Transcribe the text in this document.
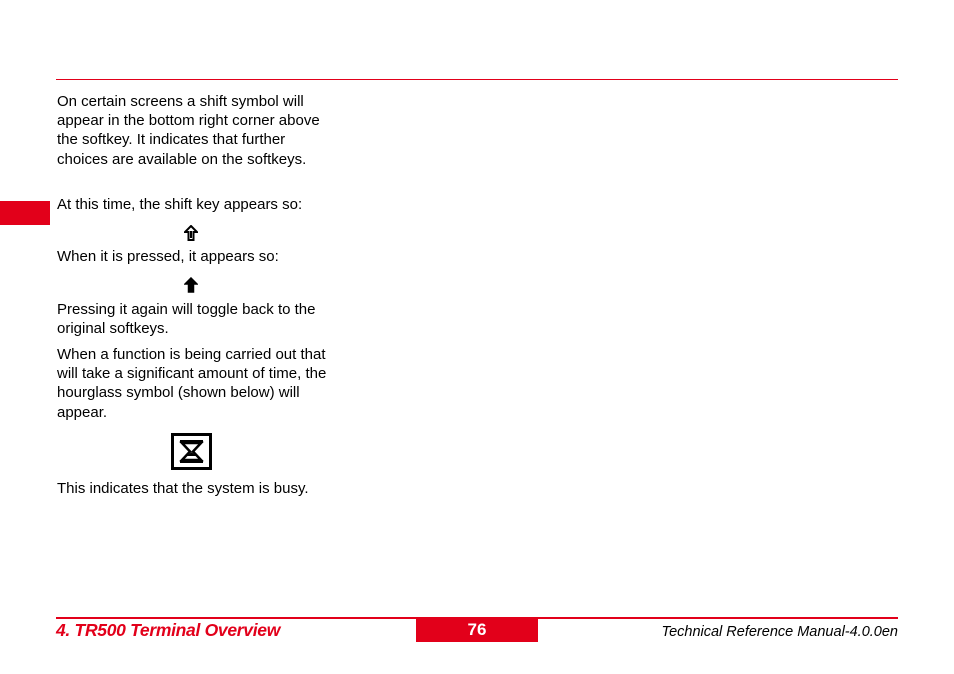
On certain screens a shift symbol will appear in the bottom right corner above the softkey. It indicates that further choices are available on the softkeys.

At this time, the shift key appears so:

When it is pressed, it appears so:

Pressing it again will toggle back to the original softkeys.

When a function is being carried out that will take a significant amount of time, the hourglass symbol (shown below) will appear.

This indicates that the system is busy.

4. TR500 Terminal Overview	76	Technical Reference Manual-4.0.0en
